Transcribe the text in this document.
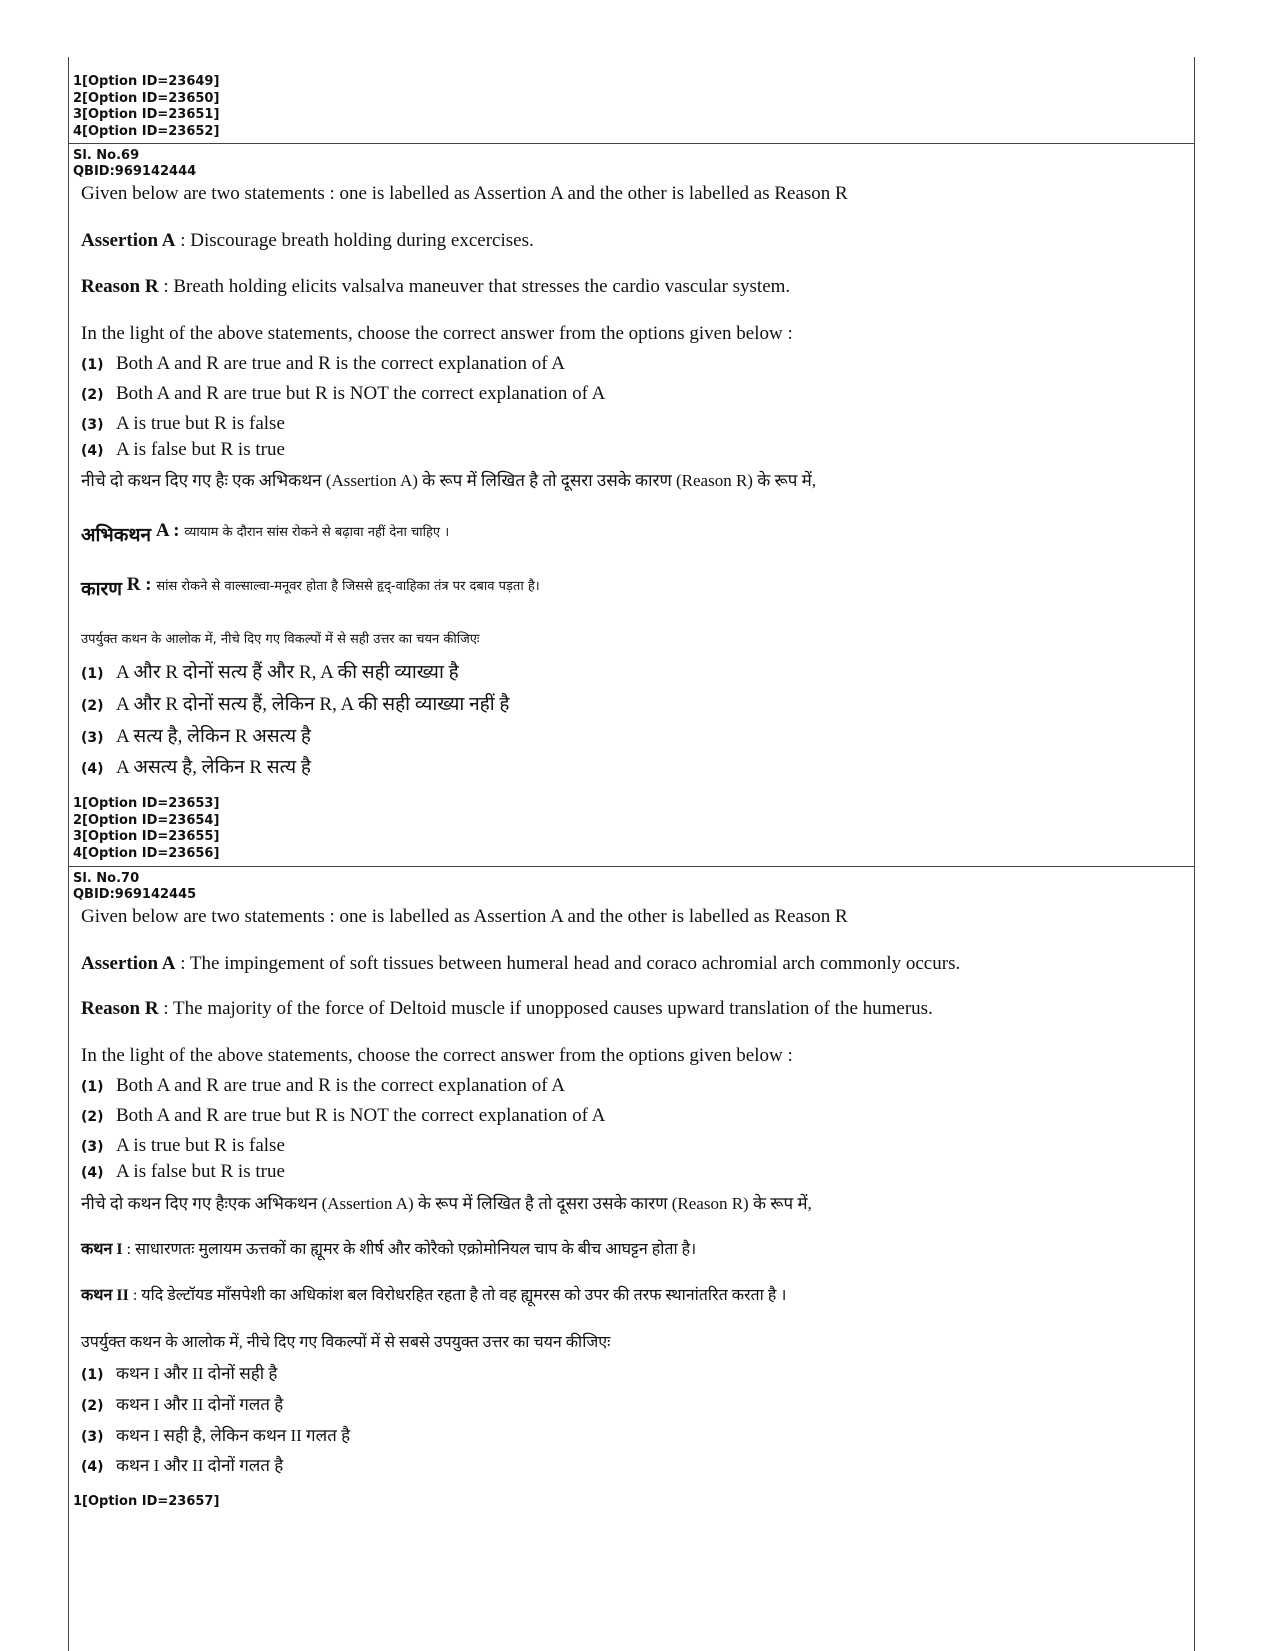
1[Option ID=23649]
2[Option ID=23650]
3[Option ID=23651]
4[Option ID=23652]
Sl. No.69
QBID:969142444
Given below are two statements : one is labelled as Assertion A and the other is labelled as Reason R
Assertion A : Discourage breath holding during excercises.
Reason R : Breath holding elicits valsalva maneuver that stresses the cardio vascular system.
In the light of the above statements, choose the correct answer from the options given below :
(1) Both A and R are true and R is the correct explanation of A
(2) Both A and R are true but R is NOT the correct explanation of A
(3) A is true but R is false
(4) A is false but R is true
नीचे दो कथन दिए गए हैः एक अभिकथन (Assertion A) के रूप में लिखित है तो दूसरा उसके कारण (Reason R) के रूप में,
अभिकथन A : व्यायाम के दौरान सांस रोकने से बढ़ावा नहीं देना चाहिए ।
कारण R : सांस रोकने से वाल्साल्वा-मनूवर होता है जिससे हृद्-वाहिका तंत्र पर दबाव पड़ता है।
उपर्युक्त कथन के आलोक में, नीचे दिए गए विकल्पों में से सही उत्तर का चयन कीजिएः
(1) A और R दोनों सत्य हैं और R, A की सही व्याख्या है
(2) A और R दोनों सत्य हैं, लेकिन R, A की सही व्याख्या नहीं है
(3) A सत्य है, लेकिन R असत्य है
(4) A असत्य है, लेकिन R सत्य है
1[Option ID=23653]
2[Option ID=23654]
3[Option ID=23655]
4[Option ID=23656]
Sl. No.70
QBID:969142445
Given below are two statements : one is labelled as Assertion A and the other is labelled as Reason R
Assertion A : The impingement of soft tissues between humeral head and coraco achromial arch commonly occurs.
Reason R : The majority of the force of Deltoid muscle if unopposed causes upward translation of the humerus.
In the light of the above statements, choose the correct answer from the options given below :
(1) Both A and R are true and R is the correct explanation of A
(2) Both A and R are true but R is NOT the correct explanation of A
(3) A is true but R is false
(4) A is false but R is true
नीचे दो कथन दिए गए हैःएक अभिकथन (Assertion A) के रूप में लिखित है तो दूसरा उसके कारण (Reason R) के रूप में,
कथन I : साधारणतः मुलायम ऊत्तकों का ह्यूमर के शीर्ष और कोरैको एक्रोमोनियल चाप के बीच आघट्टन होता है।
कथन II : यदि डेल्टॉयड मॉंसपेशी का अधिकांश बल विरोधरहित रहता है तो वह ह्यूमरस को उपर की तरफ स्थानांतरित करता है ।
उपर्युक्त कथन के आलोक में, नीचे दिए गए विकल्पों में से सबसे उपयुक्त उत्तर का चयन कीजिएः
(1) कथन I और II दोनों सही है
(2) कथन I और II दोनों गलत है
(3) कथन I सही है, लेकिन कथन II गलत है
(4) कथन I और II दोनों गलत है
1[Option ID=23657]
